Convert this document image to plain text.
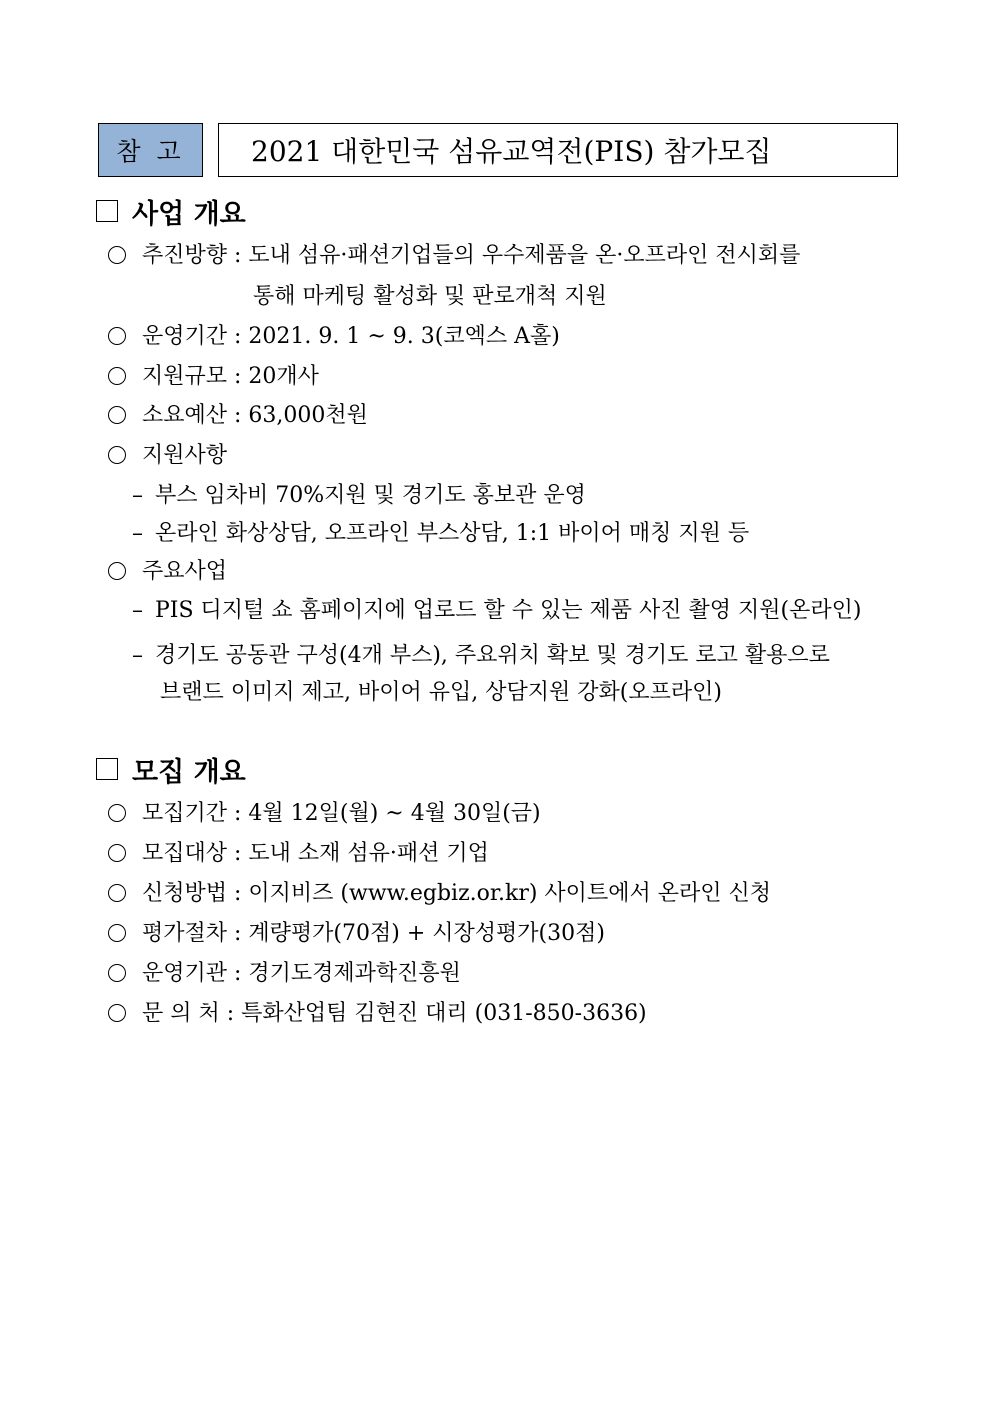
참 고	2021 대한민국 섬유교역전(PIS) 참가모집
사업 개요
추진방향 : 도내 섬유·패션기업들의 우수제품을 온·오프라인 전시회를
통해 마케팅 활성화 및 판로개척 지원
운영기간 : 2021. 9. 1 ~ 9. 3(코엑스 A홀)
지원규모 : 20개사
소요예산 : 63,000천원
지원사항
– 부스 임차비 70%지원 및 경기도 홍보관 운영
– 온라인 화상상담, 오프라인 부스상담, 1:1 바이어 매칭 지원 등
주요사업
– PIS 디지털 쇼 홈페이지에 업로드 할 수 있는 제품 사진 촬영 지원(온라인)
– 경기도 공동관 구성(4개 부스), 주요위치 확보 및 경기도 로고 활용으로
브랜드 이미지 제고, 바이어 유입, 상담지원 강화(오프라인)
모집 개요
모집기간 : 4월 12일(월) ~ 4월 30일(금)
모집대상 : 도내 소재 섬유·패션 기업
신청방법 : 이지비즈 (www.egbiz.or.kr) 사이트에서 온라인 신청
평가절차 : 계량평가(70점) + 시장성평가(30점)
운영기관 : 경기도경제과학진흥원
문 의 처 : 특화산업팀 김현진 대리 (031-850-3636)
